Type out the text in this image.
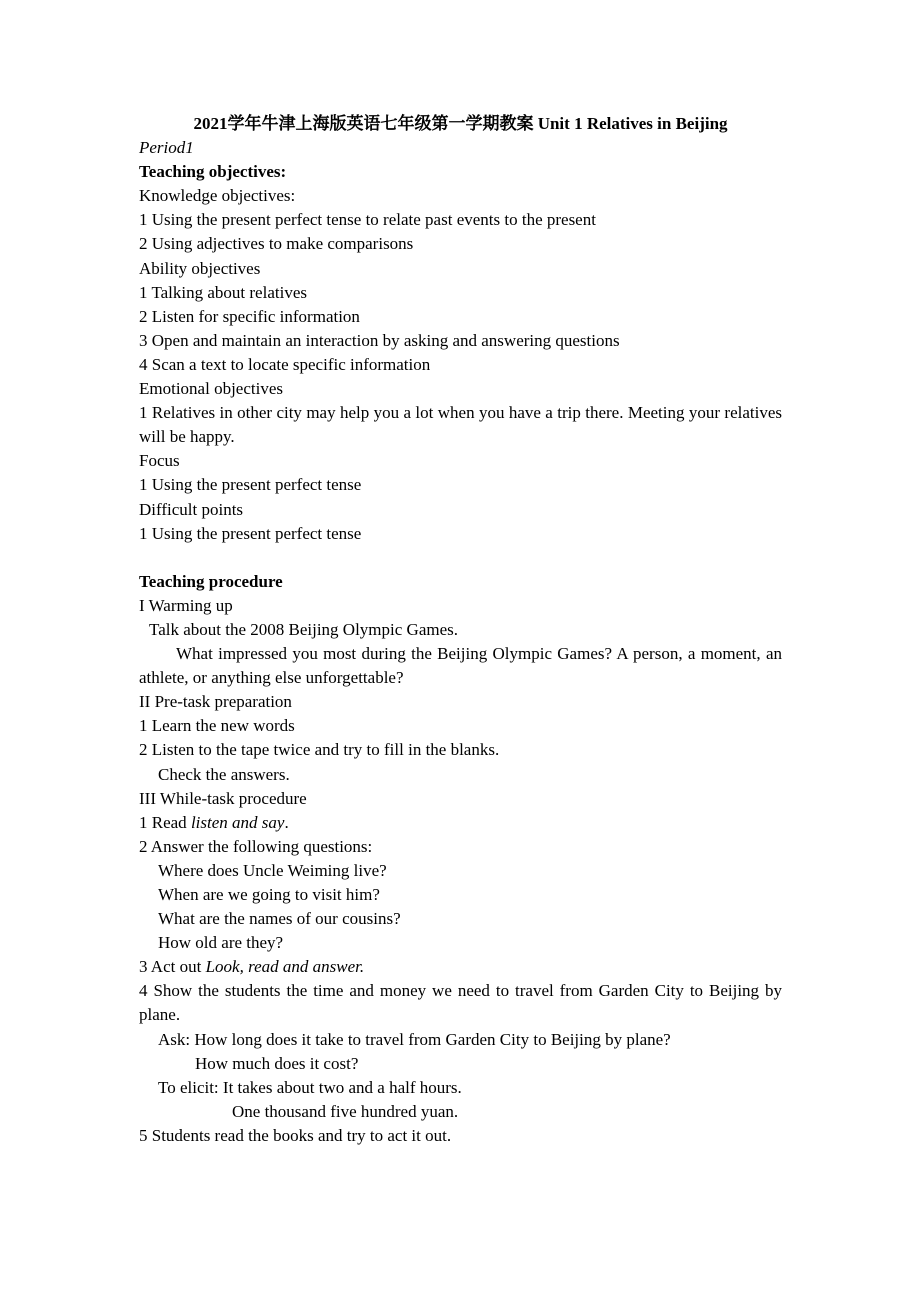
2021学年牛津上海版英语七年级第一学期教案 Unit 1 Relatives in Beijing
Period1
Teaching objectives:
Knowledge objectives:
1 Using the present perfect tense to relate past events to the present
2 Using adjectives to make comparisons
Ability objectives
1 Talking about relatives
2 Listen for specific information
3 Open and maintain an interaction by asking and answering questions
4 Scan a text to locate specific information
Emotional objectives
1 Relatives in other city may help you a lot when you have a trip there. Meeting your relatives will be happy.
Focus
1 Using the present perfect tense
Difficult points
1 Using the present perfect tense
Teaching procedure
I Warming up
Talk about the 2008 Beijing Olympic Games.
What impressed you most during the Beijing Olympic Games? A person, a moment, an athlete, or anything else unforgettable?
II Pre-task preparation
1 Learn the new words
2 Listen to the tape twice and try to fill in the blanks.
Check the answers.
III While-task procedure
1 Read listen and say.
2 Answer the following questions:
Where does Uncle Weiming live?
When are we going to visit him?
What are the names of our cousins?
How old are they?
3 Act out Look, read and answer.
4 Show the students the time and money we need to travel from Garden City to Beijing by plane.
Ask: How long does it take to travel from Garden City to Beijing by plane?
How much does it cost?
To elicit: It takes about two and a half hours.
One thousand five hundred yuan.
5 Students read the books and try to act it out.
